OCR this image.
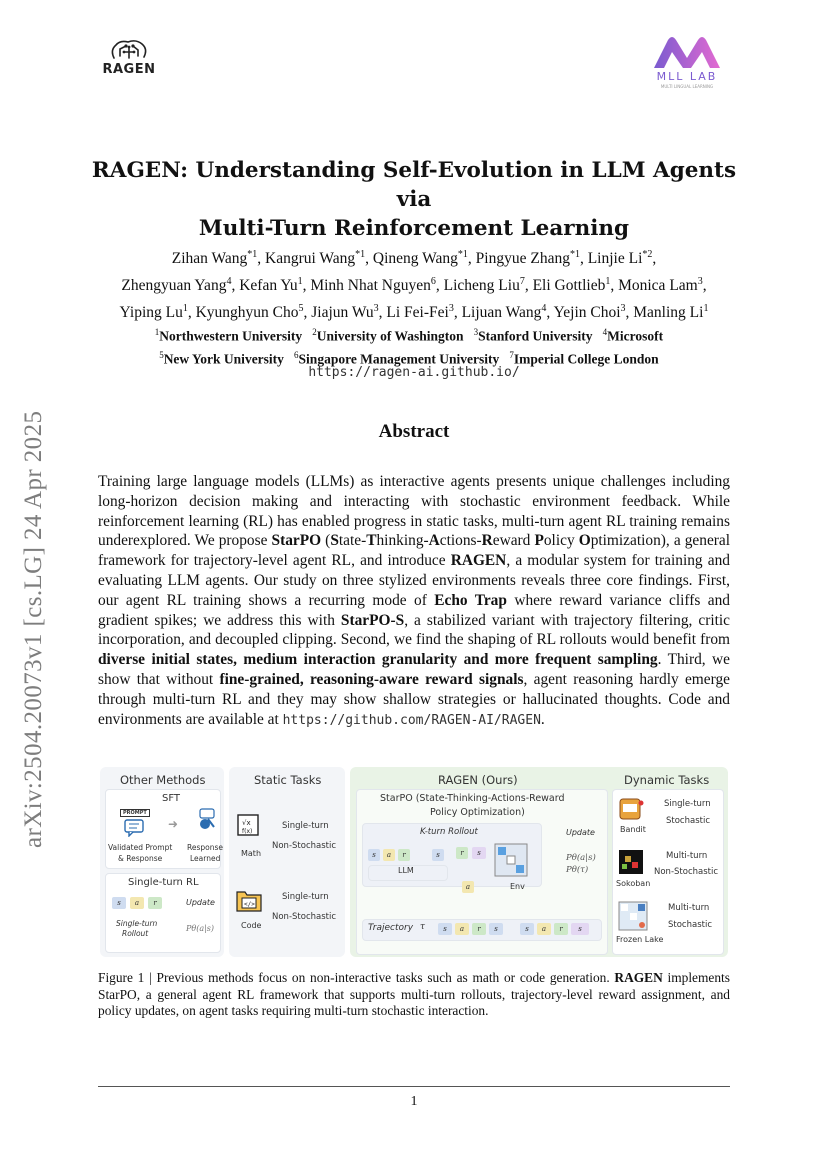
RAGEN	MLL LAB
MULTI LINGUAL LEARNING
arXiv:2504.20073v1 [cs.LG] 24 Apr 2025
RAGEN: Understanding Self-Evolution in LLM Agents via
Multi-Turn Reinforcement Learning
Zihan Wang$^{*1}$, Kangrui Wang$^{*1}$, Qineng Wang$^{*1}$, Pingyue Zhang$^{*1}$, Linjie Li$^{*2}$,
Zhengyuan Yang$^4$, Kefan Yu$^1$, Minh Nhat Nguyen$^6$, Licheng Liu$^7$, Eli Gottlieb$^1$, Monica Lam$^3$,
Yiping Lu$^1$, Kyunghyun Cho$^5$, Jiajun Wu$^3$, Li Fei-Fei$^3$, Lijuan Wang$^4$, Yejin Choi$^3$, Manling Li$^1$
$^1$Northwestern University $^2$University of Washington $^3$Stanford University $^4$Microsoft
$^5$New York University $^6$Singapore Management University $^7$Imperial College London
https://ragen-ai.github.io/
Abstract
Training large language models (LLMs) as interactive agents presents unique challenges including long-horizon decision making and interacting with stochastic environment feedback. While reinforcement learning (RL) has enabled progress in static tasks, multi-turn agent RL training remains underexplored. We propose StarPO (State-Thinking-Actions-Reward Policy Optimization), a general framework for trajectory-level agent RL, and introduce RAGEN, a modular system for training and evaluating LLM agents. Our study on three stylized environments reveals three core findings. First, our agent RL training shows a recurring mode of Echo Trap where reward variance cliffs and gradient spikes; we address this with StarPO-S, a stabilized variant with trajectory filtering, critic incorporation, and decoupled clipping. Second, we find the shaping of RL rollouts would benefit from diverse initial states, medium interaction granularity and more frequent sampling. Third, we show that without fine-grained, reasoning-aware reward signals, agent reasoning hardly emerge through multi-turn RL and they may show shallow strategies or hallucinated thoughts. Code and environments are available at https://github.com/RAGEN-AI/RAGEN.
Other Methods
SFT
PROMPT
➜
Validated Prompt
& Response
Response
Learned
Single-turn RL
s	a	r	Update
Single-turn
Rollout
Pθ(a|s)
Static Tasks
√x
f(x)
Math
Single-turn
Non-Stochastic
</>
Code
Single-turn
Non-Stochastic
RAGEN (Ours)
StarPO (State-Thinking-Actions-Reward
Policy Optimization)
K-turn Rollout
s	a	r	s	r	s
LLM
Env
a
Update
Pθ(a|s)
Pθ(τ)
Trajectory τ	s	a	r	s	s	a	r	s
Dynamic Tasks
Bandit
Single-turn
Stochastic
Sokoban
Multi-turn
Non-Stochastic
Frozen Lake
Multi-turn
Stochastic
Figure 1 | Previous methods focus on non-interactive tasks such as math or code generation. RAGEN implements StarPO, a general agent RL framework that supports multi-turn rollouts, trajectory-level reward assignment, and policy updates, on agent tasks requiring multi-turn stochastic interaction.
1
